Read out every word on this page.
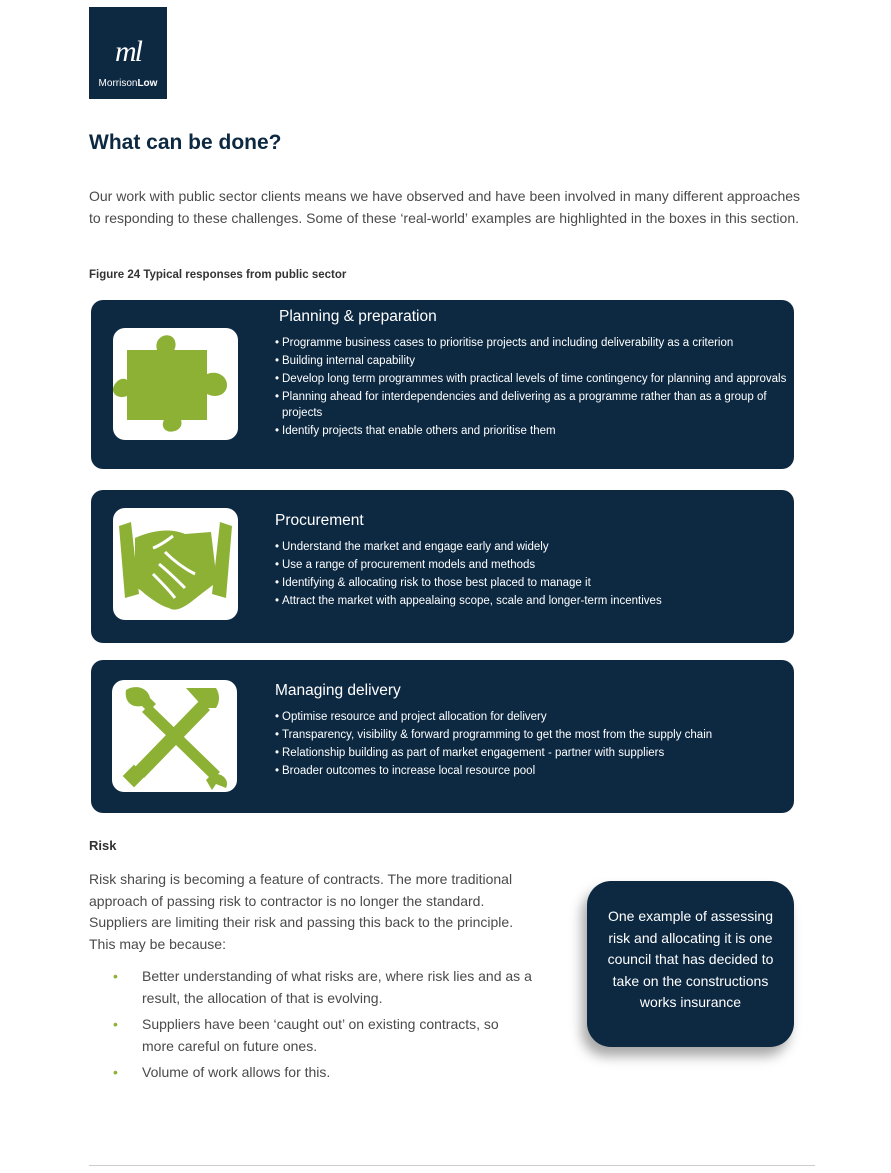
ml
MorrisonLow
What can be done?

Our work with public sector clients means we have observed and have been involved in many different approaches to responding to these challenges. Some of these ‘real-world’ examples are highlighted in the boxes in this section.

Figure 24 Typical responses from public sector

Planning & preparation
• Programme business cases to prioritise projects and including deliverability as a criterion
• Building internal capability
• Develop long term programmes with practical levels of time contingency for planning and approvals
• Planning ahead for interdependencies and delivering as a programme rather than as a group of projects
• Identify projects that enable others and prioritise them
Procurement
• Understand the market and engage early and widely
• Use a range of procurement models and methods
• Identifying & allocating risk to those best placed to manage it
• Attract the market with appealaing scope, scale and longer-term incentives
Managing delivery
• Optimise resource and project allocation for delivery
• Transparency, visibility & forward programming to get the most from the supply chain
• Relationship building as part of market engagement - partner with suppliers
• Broader outcomes to increase local resource pool

Risk

Risk sharing is becoming a feature of contracts. The more traditional approach of passing risk to contractor is no longer the standard. Suppliers are limiting their risk and passing this back to the principle. This may be because:

• Better understanding of what risks are, where risk lies and as a result, the allocation of that is evolving.
• Suppliers have been ‘caught out’ on existing contracts, so more careful on future ones.
• Volume of work allows for this.

One example of assessing risk and allocating it is one council that has decided to take on the constructions works insurance
